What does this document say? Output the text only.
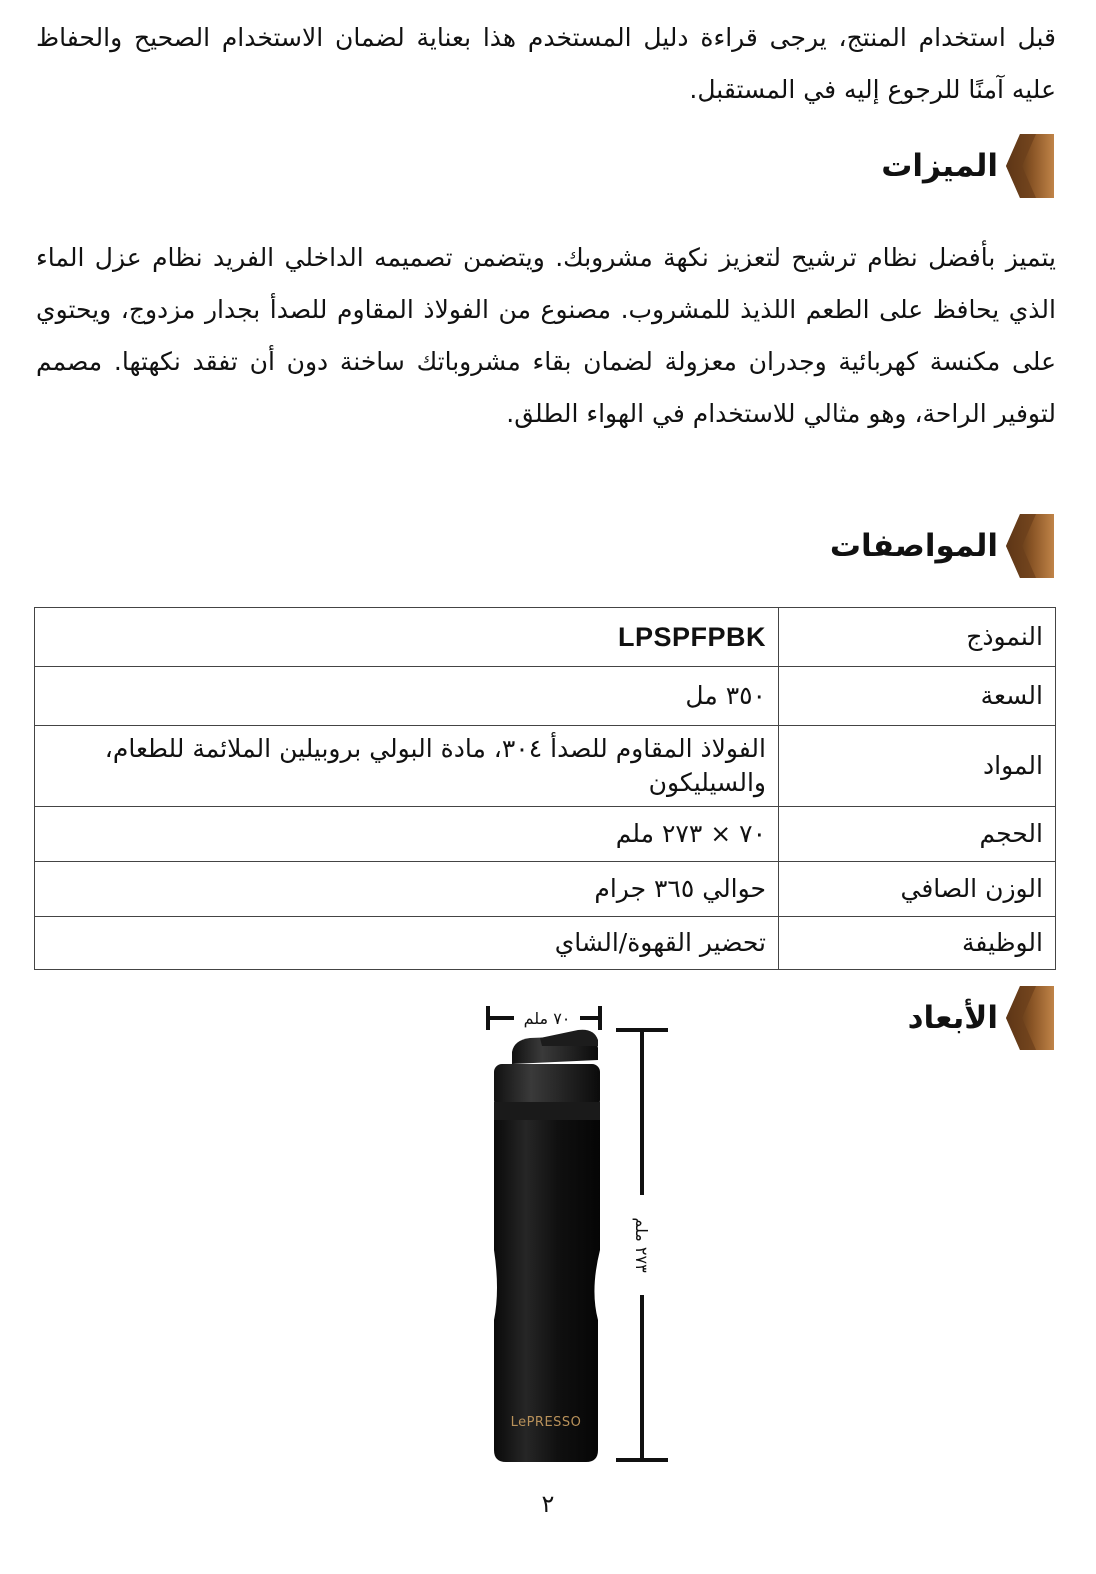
قبل استخدام المنتج، يرجى قراءة دليل المستخدم هذا بعناية لضمان الاستخدام الصحيح والحفاظ عليه آمنًا للرجوع إليه في المستقبل.

الميزات

يتميز بأفضل نظام ترشيح لتعزيز نكهة مشروبك. ويتضمن تصميمه الداخلي الفريد نظام عزل الماء الذي يحافظ على الطعم اللذيذ للمشروب. مصنوع من الفولاذ المقاوم للصدأ بجدار مزدوج، ويحتوي على مكنسة كهربائية وجدران معزولة لضمان بقاء مشروباتك ساخنة دون أن تفقد نكهتها. مصمم لتوفير الراحة، وهو مثالي للاستخدام في الهواء الطلق.

المواصفات
النموذج	LPSPFPBK
السعة	٣٥٠ مل
المواد	الفولاذ المقاوم للصدأ ٣٠٤، مادة البولي بروبيلين الملائمة للطعام، والسيليكون
الحجم	٧٠ × ٢٧٣ ملم
الوزن الصافي	حوالي ٣٦٥ جرام
الوظيفة	تحضير القهوة/الشاي
الأبعاد
٧٠ ملم
٢٧٣ ملم
LePRESSO
٢
